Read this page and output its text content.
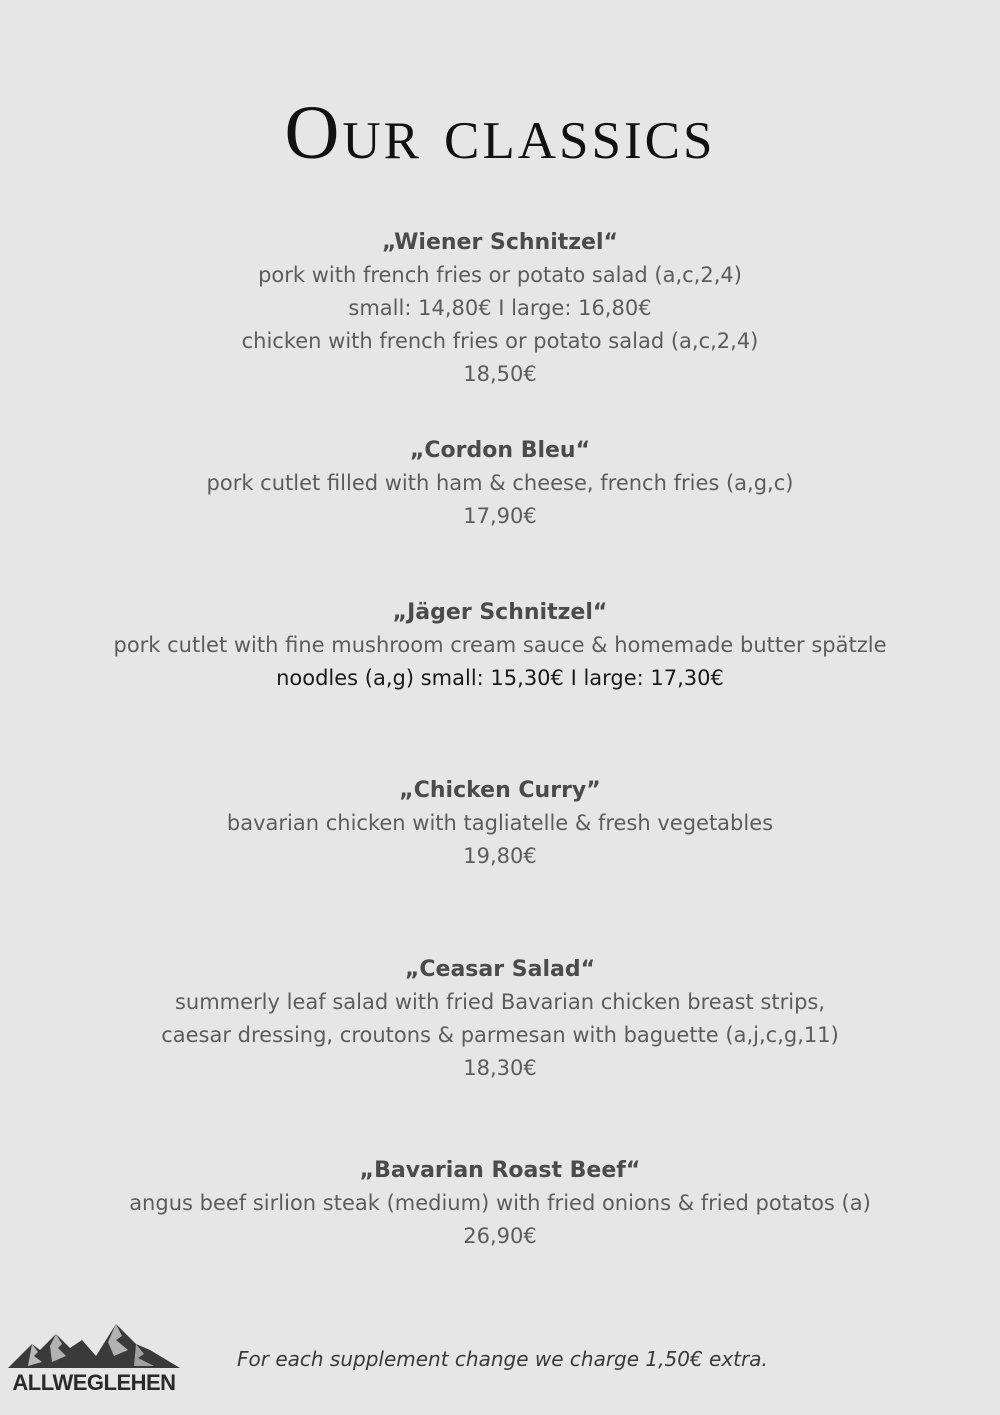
Our classics
„Wiener Schnitzel“
pork with french fries or potato salad (a,c,2,4)
small: 14,80€ I large: 16,80€
chicken with french fries or potato salad (a,c,2,4)
18,50€
„Cordon Bleu“
pork cutlet filled with ham & cheese, french fries (a,g,c)
17,90€
„Jäger Schnitzel“
pork cutlet with fine mushroom cream sauce & homemade butter spätzle
noodles (a,g) small: 15,30€ I large: 17,30€
„Chicken Curry”
bavarian chicken with tagliatelle & fresh vegetables
19,80€
„Ceasar Salad“
summerly leaf salad with fried Bavarian chicken breast strips,
caesar dressing, croutons & parmesan with baguette (a,j,c,g,11)
18,30€
„Bavarian Roast Beef“
angus beef sirlion steak (medium) with fried onions & fried potatos (a)
26,90€
ALLWEGLEHEN
For each supplement change we charge 1,50€ extra.
